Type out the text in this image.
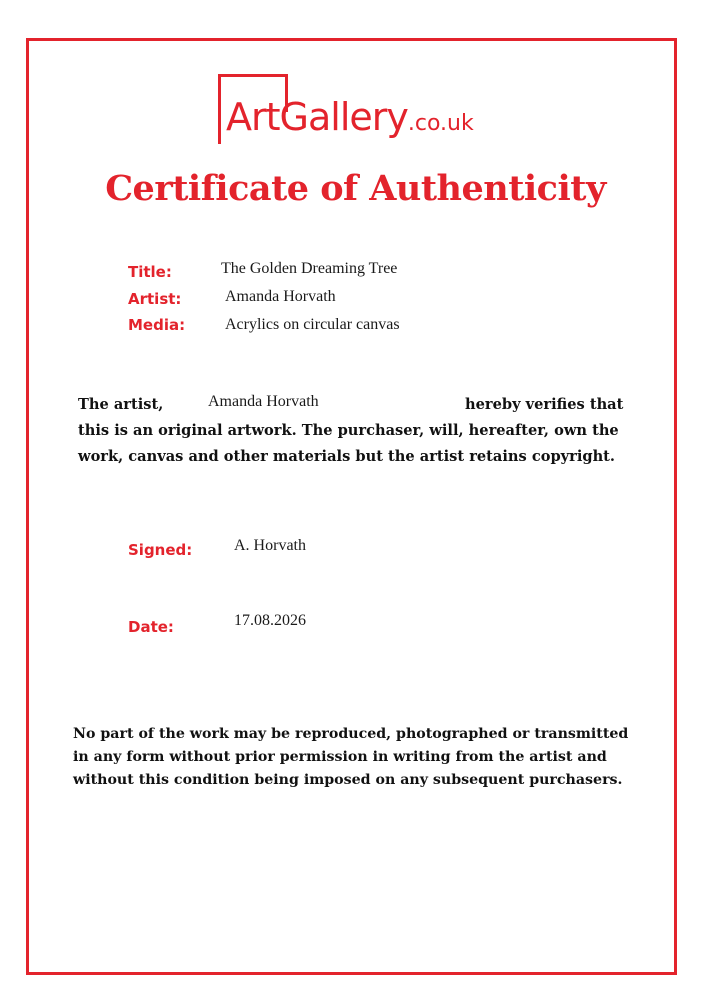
ArtGallery.co.uk
Certificate of Authenticity
Title:	The Golden Dreaming Tree
Artist:	Amanda Horvath
Media: Acrylics on circular canvas
The artist,	Amanda Horvath	hereby verifies that
this is an original artwork. The purchaser, will, hereafter, own the
work, canvas and other materials but the artist retains copyright.
Signed:	A. Horvath
Date:	17.08.2026
No part of the work may be reproduced, photographed or transmitted
in any form without prior permission in writing from the artist and
without this condition being imposed on any subsequent purchasers.
